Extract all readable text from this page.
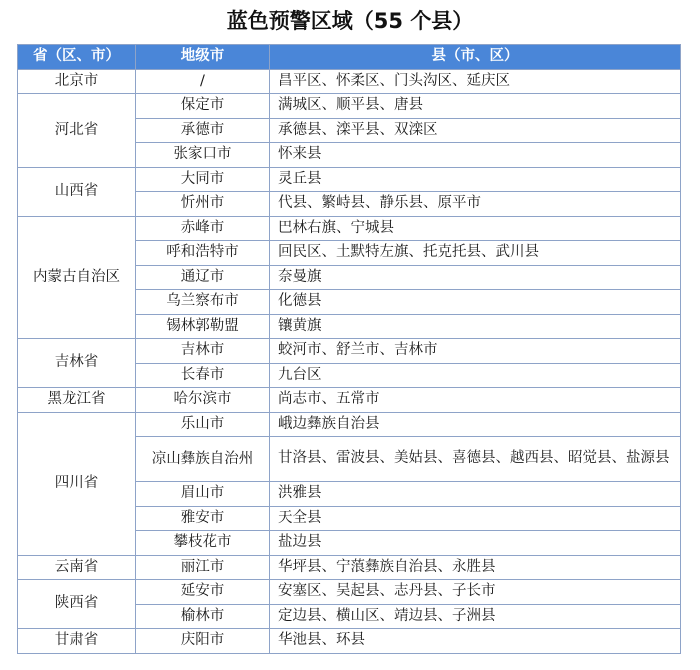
蓝色预警区域（55 个县）
省（区、市）	地级市	县（市、区）
北京市	/	昌平区、怀柔区、门头沟区、延庆区
河北省	保定市	满城区、顺平县、唐县
	承德市	承德县、滦平县、双滦区
	张家口市	怀来县
山西省	大同市	灵丘县
	忻州市	代县、繁峙县、静乐县、原平市
内蒙古自治区	赤峰市	巴林右旗、宁城县
	呼和浩特市	回民区、土默特左旗、托克托县、武川县
	通辽市	奈曼旗
	乌兰察布市	化德县
	锡林郭勒盟	镶黄旗
吉林省	吉林市	蛟河市、舒兰市、吉林市
	长春市	九台区
黑龙江省	哈尔滨市	尚志市、五常市
四川省	乐山市	峨边彝族自治县
	凉山彝族自治州	甘洛县、雷波县、美姑县、喜德县、越西县、昭觉县、盐源县
	眉山市	洪雅县
	雅安市	天全县
	攀枝花市	盐边县
云南省	丽江市	华坪县、宁蒗彝族自治县、永胜县
陕西省	延安市	安塞区、吴起县、志丹县、子长市
	榆林市	定边县、横山区、靖边县、子洲县
甘肃省	庆阳市	华池县、环县
